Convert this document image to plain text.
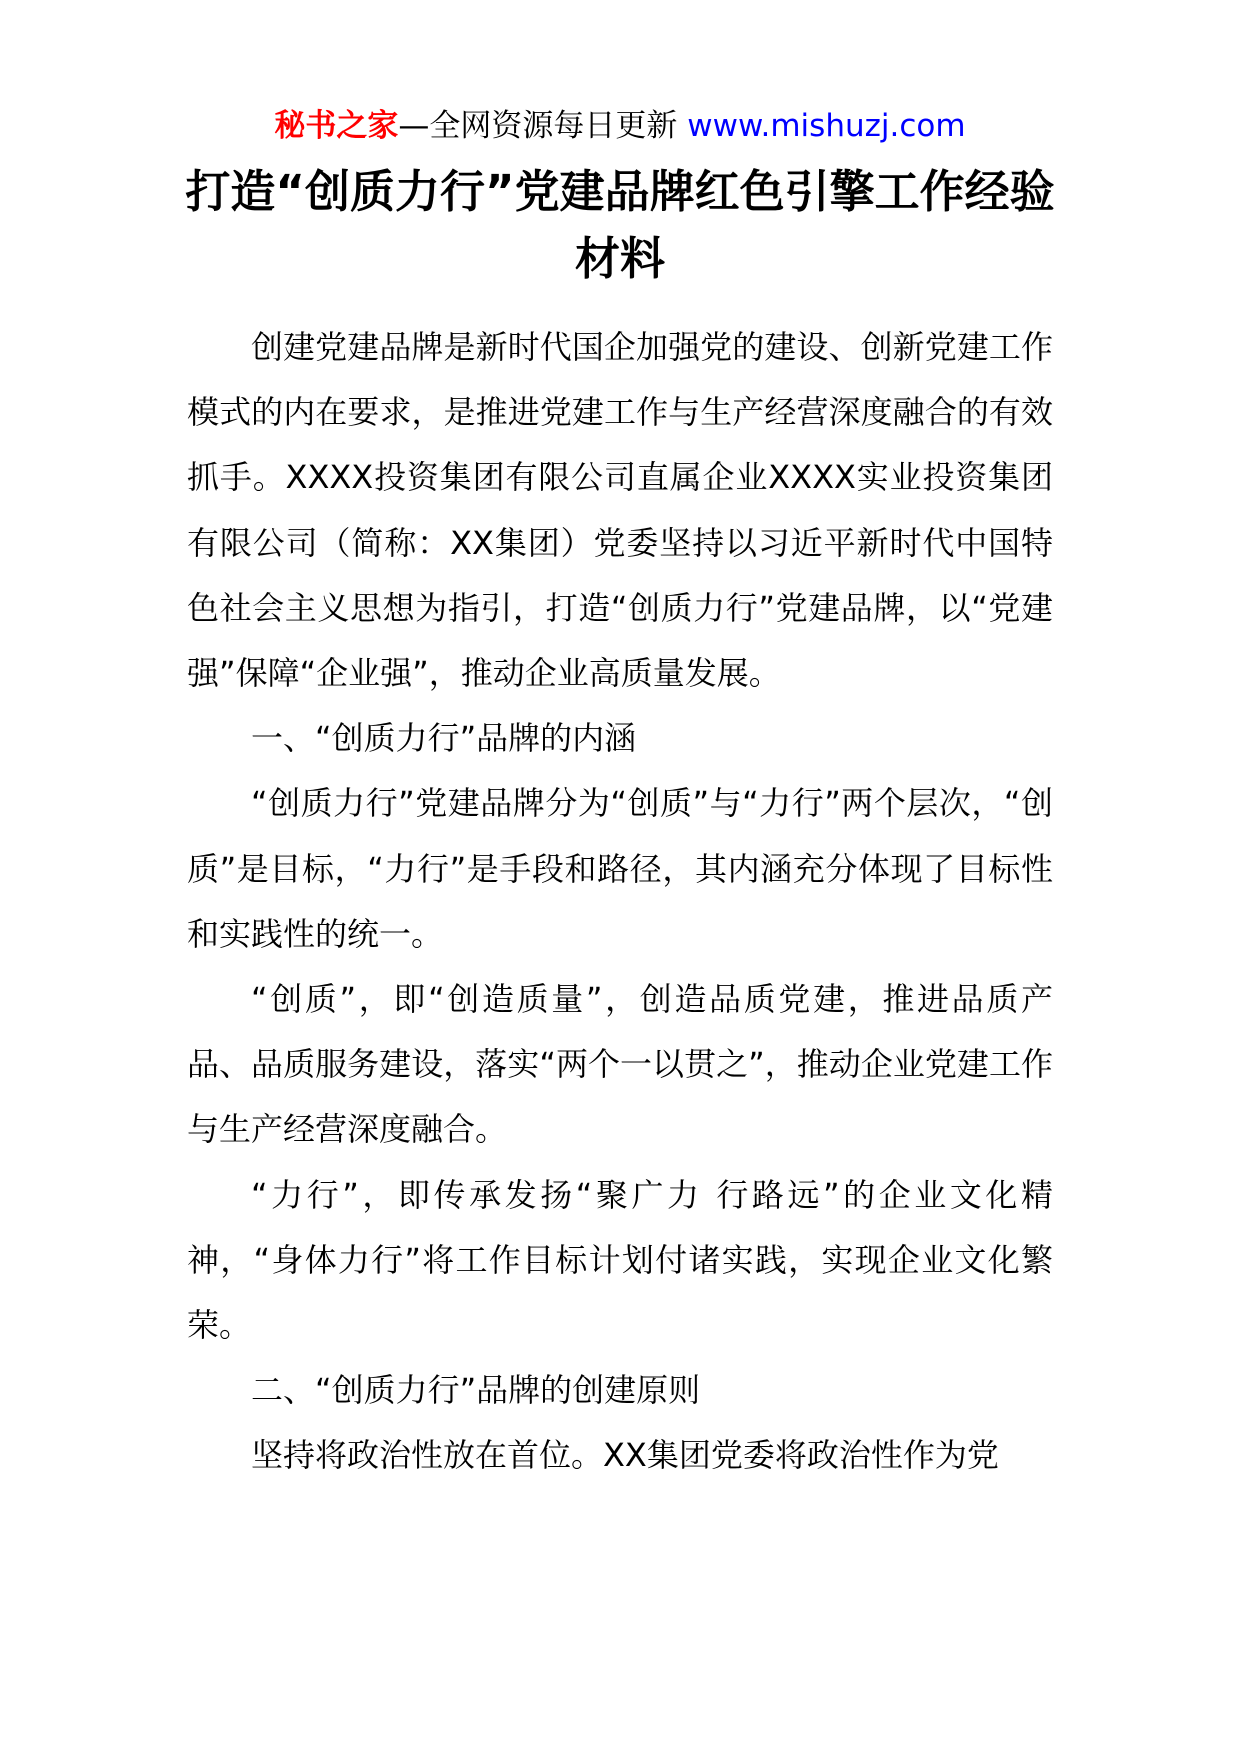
秘书之家—全网资源每日更新 www.mishuzj.com
打造“创质力行”党建品牌红色引擎工作经验材料

创建党建品牌是新时代国企加强党的建设、创新党建工作模式的内在要求，是推进党建工作与生产经营深度融合的有效抓手。XXXX投资集团有限公司直属企业XXXX实业投资集团有限公司（简称：XX集团）党委坚持以习近平新时代中国特色社会主义思想为指引，打造“创质力行”党建品牌，以“党建强”保障“企业强”，推动企业高质量发展。

一、“创质力行”品牌的内涵

“创质力行”党建品牌分为“创质”与“力行”两个层次，“创质”是目标，“力行”是手段和路径，其内涵充分体现了目标性和实践性的统一。

“创质”，即“创造质量”，创造品质党建，推进品质产品、品质服务建设，落实“两个一以贯之”，推动企业党建工作与生产经营深度融合。

“力行”，即传承发扬“聚广力 行路远”的企业文化精神，“身体力行”将工作目标计划付诸实践，实现企业文化繁荣。

二、“创质力行”品牌的创建原则

坚持将政治性放在首位。XX集团党委将政治性作为党
